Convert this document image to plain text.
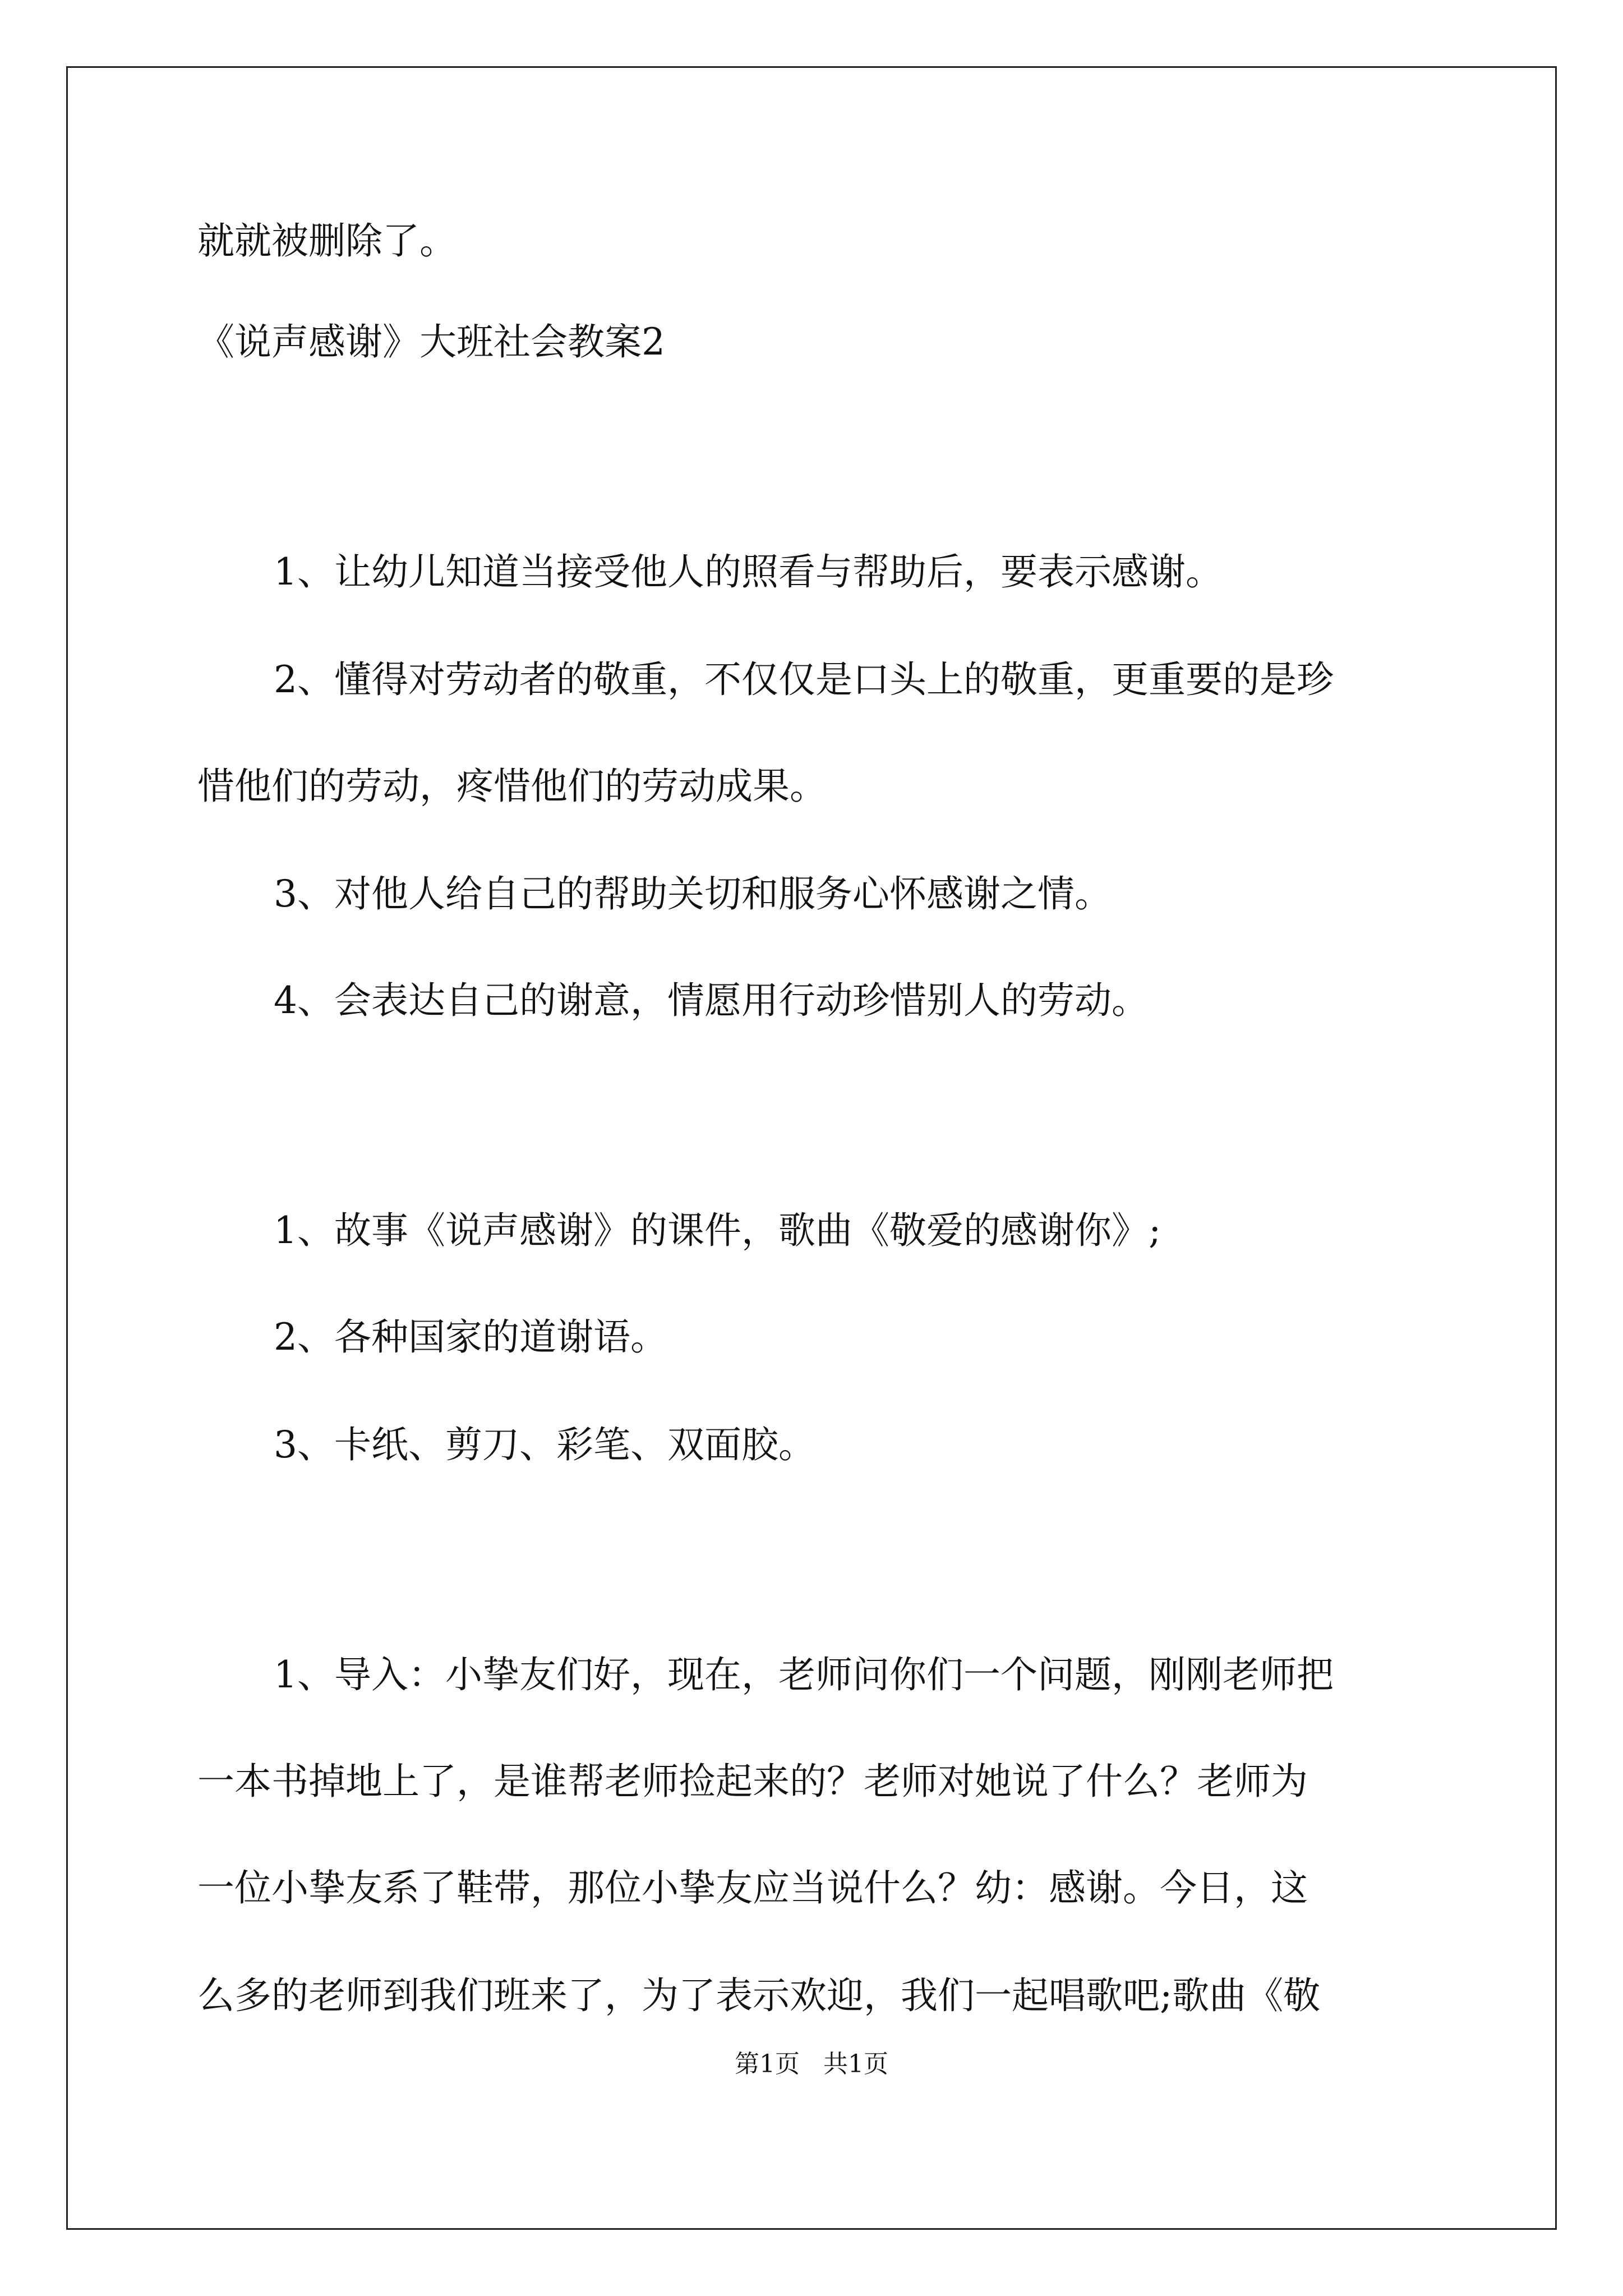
就就被删除了。

《说声感谢》大班社会教案2

1、让幼儿知道当接受他人的照看与帮助后，要表示感谢。

2、懂得对劳动者的敬重，不仅仅是口头上的敬重，更重要的是珍

惜他们的劳动，疼惜他们的劳动成果。

3、对他人给自己的帮助关切和服务心怀感谢之情。

4、会表达自己的谢意，情愿用行动珍惜别人的劳动。

1、故事《说声感谢》的课件，歌曲《敬爱的感谢你》;

2、各种国家的道谢语。

3、卡纸、剪刀、彩笔、双面胶。

1、导入：小挚友们好，现在，老师问你们一个问题，刚刚老师把

一本书掉地上了，是谁帮老师捡起来的？老师对她说了什么？老师为

一位小挚友系了鞋带，那位小挚友应当说什么？幼：感谢。今日，这

么多的老师到我们班来了，为了表示欢迎，我们一起唱歌吧;歌曲《敬

第1页   共1页
